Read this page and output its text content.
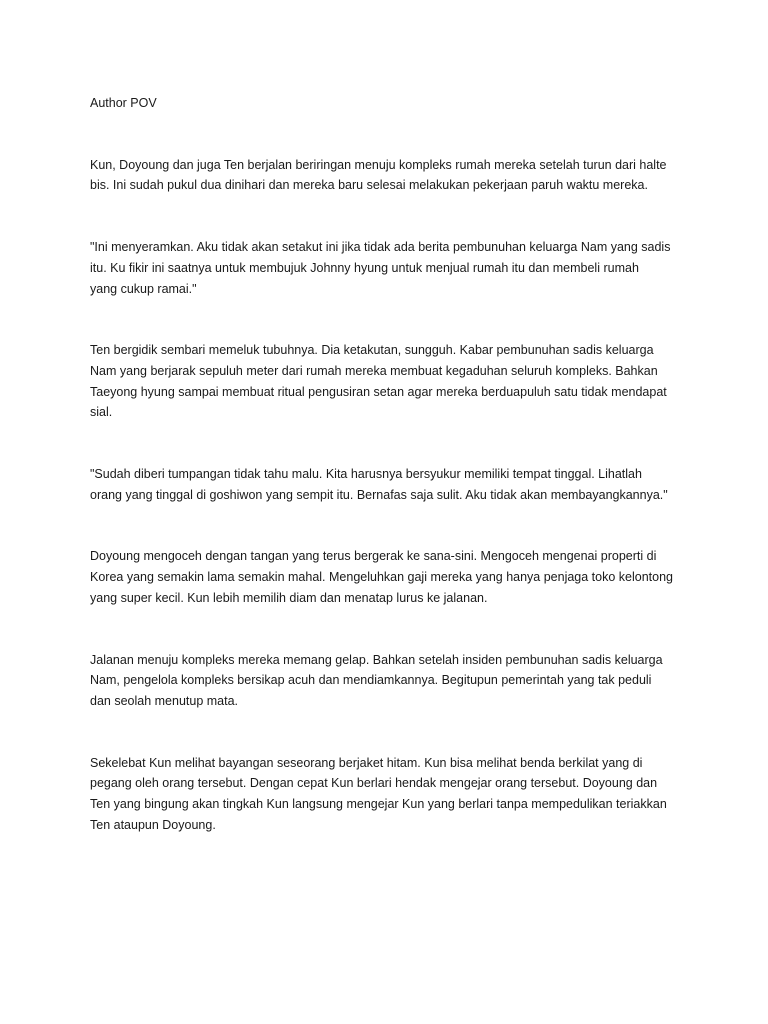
Author POV

Kun, Doyoung dan juga Ten berjalan beriringan menuju kompleks rumah mereka setelah turun dari halte
bis. Ini sudah pukul dua dinihari dan mereka baru selesai melakukan pekerjaan paruh waktu mereka.
"Ini menyeramkan. Aku tidak akan setakut ini jika tidak ada berita pembunuhan keluarga Nam yang sadis
itu. Ku fikir ini saatnya untuk membujuk Johnny hyung untuk menjual rumah itu dan membeli rumah
yang cukup ramai."
Ten bergidik sembari memeluk tubuhnya. Dia ketakutan, sungguh. Kabar pembunuhan sadis keluarga
Nam yang berjarak sepuluh meter dari rumah mereka membuat kegaduhan seluruh kompleks. Bahkan
Taeyong hyung sampai membuat ritual pengusiran setan agar mereka berduapuluh satu tidak mendapat
sial.
"Sudah diberi tumpangan tidak tahu malu. Kita harusnya bersyukur memiliki tempat tinggal. Lihatlah
orang yang tinggal di goshiwon yang sempit itu. Bernafas saja sulit. Aku tidak akan membayangkannya."
Doyoung mengoceh dengan tangan yang terus bergerak ke sana-sini. Mengoceh mengenai properti di
Korea yang semakin lama semakin mahal. Mengeluhkan gaji mereka yang hanya penjaga toko kelontong
yang super kecil. Kun lebih memilih diam dan menatap lurus ke jalanan.
Jalanan menuju kompleks mereka memang gelap. Bahkan setelah insiden pembunuhan sadis keluarga
Nam, pengelola kompleks bersikap acuh dan mendiamkannya. Begitupun pemerintah yang tak peduli
dan seolah menutup mata.
Sekelebat Kun melihat bayangan seseorang berjaket hitam. Kun bisa melihat benda berkilat yang di
pegang oleh orang tersebut. Dengan cepat Kun berlari hendak mengejar orang tersebut. Doyoung dan
Ten yang bingung akan tingkah Kun langsung mengejar Kun yang berlari tanpa mempedulikan teriakkan
Ten ataupun Doyoung.
